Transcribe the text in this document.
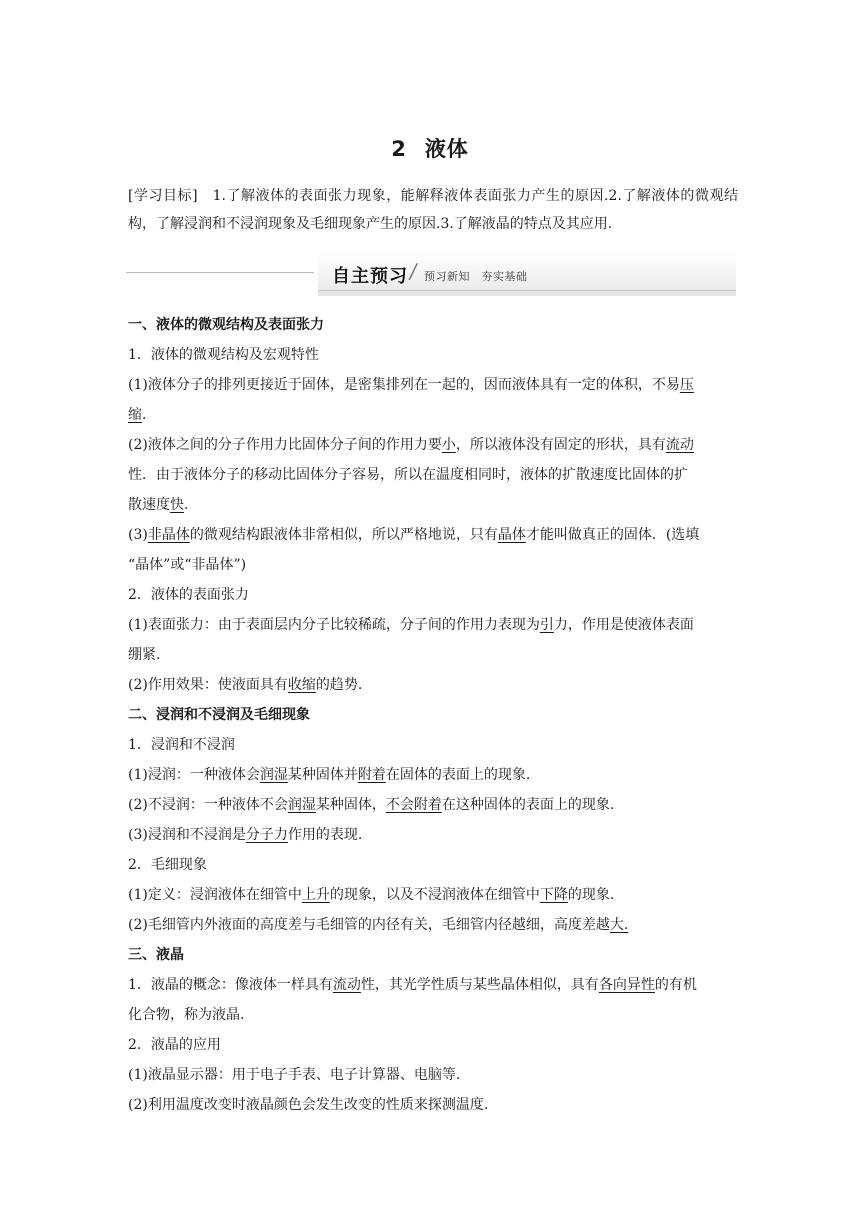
2 液体
[学习目标]　1.了解液体的表面张力现象，能解释液体表面张力产生的原因.2.了解液体的微观结构，了解浸润和不浸润现象及毛细现象产生的原因.3.了解液晶的特点及其应用.
自主预习 / 预习新知　夯实基础
一、液体的微观结构及表面张力
1．液体的微观结构及宏观特性
(1)液体分子的排列更接近于固体，是密集排列在一起的，因而液体具有一定的体积，不易压
缩.
(2)液体之间的分子作用力比固体分子间的作用力要小，所以液体没有固定的形状，具有流动
性．由于液体分子的移动比固体分子容易，所以在温度相同时，液体的扩散速度比固体的扩
散速度快.
(3)非晶体的微观结构跟液体非常相似，所以严格地说，只有晶体才能叫做真正的固体．(选填
“晶体”或“非晶体”)
2．液体的表面张力
(1)表面张力：由于表面层内分子比较稀疏，分子间的作用力表现为引力，作用是使液体表面
绷紧.
(2)作用效果：使液面具有收缩的趋势.
二、浸润和不浸润及毛细现象
1．浸润和不浸润
(1)浸润：一种液体会润湿某种固体并附着在固体的表面上的现象.
(2)不浸润：一种液体不会润湿某种固体，不会附着在这种固体的表面上的现象.
(3)浸润和不浸润是分子力作用的表现.
2．毛细现象
(1)定义：浸润液体在细管中上升的现象，以及不浸润液体在细管中下降的现象.
(2)毛细管内外液面的高度差与毛细管的内径有关，毛细管内径越细，高度差越大.
三、液晶
1．液晶的概念：像液体一样具有流动性，其光学性质与某些晶体相似，具有各向异性的有机
化合物，称为液晶.
2．液晶的应用
(1)液晶显示器：用于电子手表、电子计算器、电脑等.
(2)利用温度改变时液晶颜色会发生改变的性质来探测温度.
